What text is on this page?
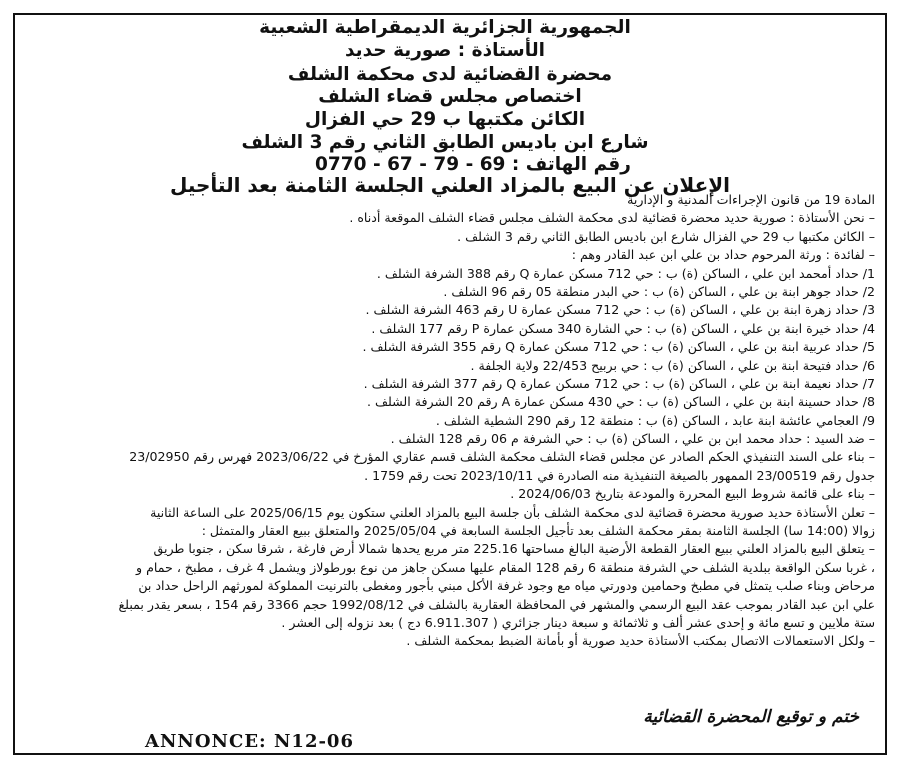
الجمهورية الجزائرية الديمقراطية الشعبية
الأستاذة : صورية حديد
محضرة القضائية لدى محكمة الشلف
اختصاص مجلس قضاء الشلف
الكائن مكتبها ب 29 حي الفزال
شارع ابن باديس الطابق الثاني رقم 3 الشلف
رقم الهاتف : 69 - 79 - 67 - 0770
الإعلان عن البيع بالمزاد العلني الجلسة الثامنة بعد التأجيل
المادة 19 من قانون الإجراءات المدنية و الإدارية
– نحن الأستاذة : صورية حديد محضرة قضائية لدى محكمة الشلف مجلس قضاء الشلف الموقعة أدناه .
– الكائن مكتبها ب 29 حي الفزال شارع ابن باديس الطابق الثاني رقم 3 الشلف .
– لفائدة : ورثة المرحوم حداد بن علي ابن عبد القادر وهم :
1/ حداد أمحمد ابن علي ، الساكن (ة) ب : حي 712 مسكن عمارة Q رقم 388 الشرفة الشلف .
2/ حداد جوهر ابنة بن علي ، الساكن (ة) ب : حي البدر منطقة 05 رقم 96 الشلف .
3/ حداد زهرة ابنة بن علي ، الساكن (ة) ب : حي 712 مسكن عمارة U رقم 463 الشرفة الشلف .
4/ حداد خيرة ابنة بن علي ، الساكن (ة) ب : حي الشارة 340 مسكن عمارة P رقم 177 الشلف .
5/ حداد عربية ابنة بن علي ، الساكن (ة) ب : حي 712 مسكن عمارة Q رقم 355 الشرفة الشلف .
6/ حداد فتيحة ابنة بن علي ، الساكن (ة) ب : حي بربيح 22/453 ولاية الجلفة .
7/ حداد نعيمة ابنة بن علي ، الساكن (ة) ب : حي 712 مسكن عمارة Q رقم 377 الشرفة الشلف .
8/ حداد حسينة ابنة بن علي ، الساكن (ة) ب : حي 430 مسكن عمارة A رقم 20 الشرفة الشلف .
9/ العجامي عائشة ابنة عابد ، الساكن (ة) ب : منطقة 12 رقم 290 الشطية الشلف .
– ضد السيد : حداد محمد ابن بن علي ، الساكن (ة) ب : حي الشرفة م 06 رقم 128 الشلف .
– بناء على السند التنفيذي الحكم الصادر عن مجلس قضاء الشلف محكمة الشلف قسم عقاري المؤرخ في 2023/06/22 فهرس رقم 23/02950
جدول رقم 23/00519 الممهور بالصيغة التنفيذية منه الصادرة في 2023/10/11 تحت رقم 1759 .
– بناء على قائمة شروط البيع المحررة والمودعة بتاريخ 2024/06/03 .
– تعلن الأستاذة حديد صورية محضرة قضائية لدى محكمة الشلف بأن جلسة البيع بالمزاد العلني ستكون يوم 2025/06/15 على الساعة الثانية
زوالا (14:00 سا) الجلسة الثامنة بمقر محكمة الشلف بعد تأجيل الجلسة السابعة في 2025/05/04 والمتعلق ببيع العقار والمتمثل :
– يتعلق البيع بالمزاد العلني ببيع العقار القطعة الأرضية البالغ مساحتها 225.16 متر مربع يحدها شمالا أرض فارغة ، شرقا سكن ، جنوبا طريق
، غربا سكن الواقعة ببلدية الشلف حي الشرفة منطقة 6 رقم 128 المقام عليها مسكن جاهز من نوع بورطولاز ويشمل 4 غرف ، مطبخ ، حمام و
مرحاض وبناء صلب يتمثل في مطبخ وحمامين ودورتي مياه مع وجود غرفة الأكل مبني بأجور ومغطى بالترنيت المملوكة لمورثهم الراحل حداد بن
علي ابن عبد القادر بموجب عقد البيع الرسمي والمشهر في المحافظة العقارية بالشلف في 1992/08/12 حجم 3366 رقم 154 ، بسعر يقدر بمبلغ
ستة ملايين و تسع مائة و إحدى عشر ألف و ثلاثمائة و سبعة دينار جزائري ( 6.911.307 دج ) بعد نزوله إلى العشر .
– ولكل الاستعمالات الاتصال بمكتب الأستاذة حديد صورية أو بأمانة الضبط بمحكمة الشلف .
ختم و توقيع المحضرة القضائية
ANNONCE: N12-06
